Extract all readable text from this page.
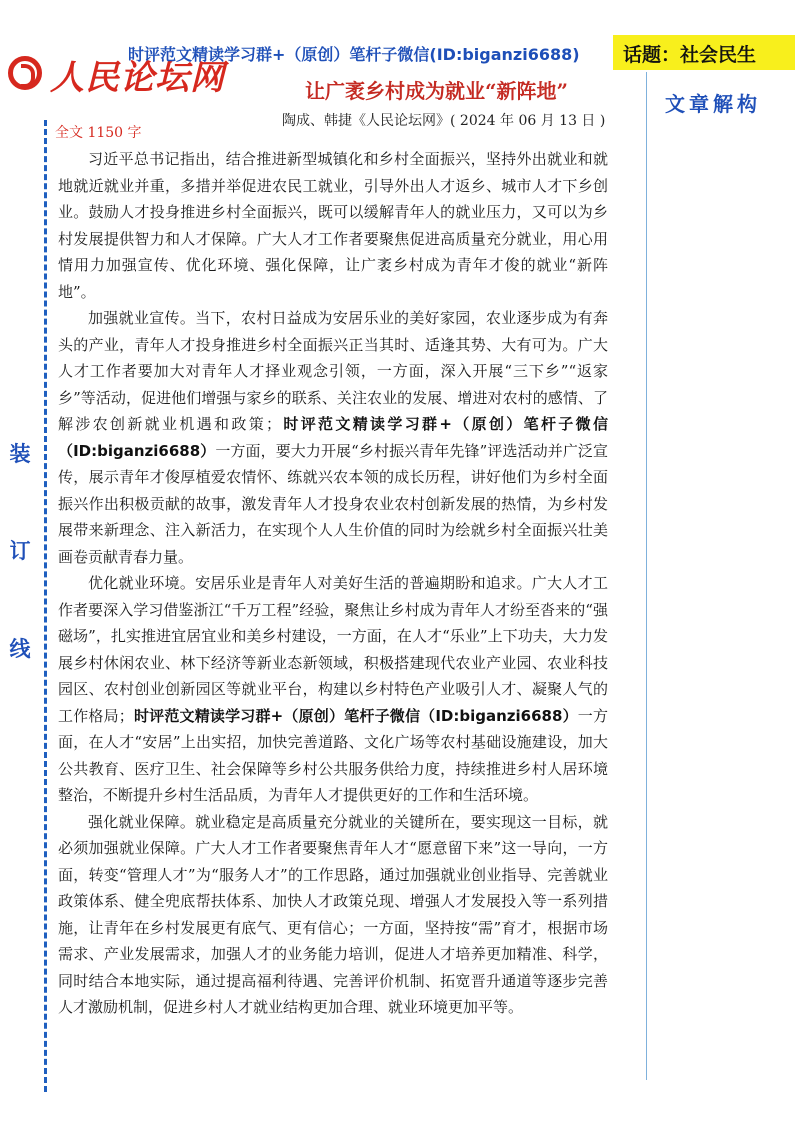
人民论坛网
时评范文精读学习群+（原创）笔杆子微信(ID:biganzi6688)	话题：社会民生
让广袤乡村成为就业“新阵地”
陶成、韩捷《人民论坛网》( 2024 年 06 月 13 日 )
文章解构
装
订
线
全文 1150 字

习近平总书记指出，结合推进新型城镇化和乡村全面振兴，坚持外出就业和就地就近就业并重，多措并举促进农民工就业，引导外出人才返乡、城市人才下乡创业。鼓励人才投身推进乡村全面振兴，既可以缓解青年人的就业压力，又可以为乡村发展提供智力和人才保障。广大人才工作者要聚焦促进高质量充分就业，用心用情用力加强宣传、优化环境、强化保障，让广袤乡村成为青年才俊的就业“新阵地”。

加强就业宣传。当下，农村日益成为安居乐业的美好家园，农业逐步成为有奔头的产业，青年人才投身推进乡村全面振兴正当其时、适逢其势、大有可为。广大人才工作者要加大对青年人才择业观念引领，一方面，深入开展“三下乡”“返家乡”等活动，促进他们增强与家乡的联系、关注农业的发展、增进对农村的感情、了解涉农创新就业机遇和政策；时评范文精读学习群+（原创）笔杆子微信（ID:biganzi6688）一方面，要大力开展“乡村振兴青年先锋”评选活动并广泛宣传，展示青年才俊厚植爱农情怀、练就兴农本领的成长历程，讲好他们为乡村全面振兴作出积极贡献的故事，激发青年人才投身农业农村创新发展的热情，为乡村发展带来新理念、注入新活力，在实现个人人生价值的同时为绘就乡村全面振兴壮美画卷贡献青春力量。

优化就业环境。安居乐业是青年人对美好生活的普遍期盼和追求。广大人才工作者要深入学习借鉴浙江“千万工程”经验，聚焦让乡村成为青年人才纷至沓来的“强磁场”，扎实推进宜居宜业和美乡村建设，一方面，在人才“乐业”上下功夫，大力发展乡村休闲农业、林下经济等新业态新领域，积极搭建现代农业产业园、农业科技园区、农村创业创新园区等就业平台，构建以乡村特色产业吸引人才、凝聚人气的工作格局；时评范文精读学习群+（原创）笔杆子微信（ID:biganzi6688）一方面，在人才“安居”上出实招，加快完善道路、文化广场等农村基础设施建设，加大公共教育、医疗卫生、社会保障等乡村公共服务供给力度，持续推进乡村人居环境整治，不断提升乡村生活品质，为青年人才提供更好的工作和生活环境。

强化就业保障。就业稳定是高质量充分就业的关键所在，要实现这一目标，就必须加强就业保障。广大人才工作者要聚焦青年人才“愿意留下来”这一导向，一方面，转变“管理人才”为“服务人才”的工作思路，通过加强就业创业指导、完善就业政策体系、健全兜底帮扶体系、加快人才政策兑现、增强人才发展投入等一系列措施，让青年在乡村发展更有底气、更有信心；一方面，坚持按“需”育才，根据市场需求、产业发展需求，加强人才的业务能力培训，促进人才培养更加精准、科学，同时结合本地实际，通过提高福利待遇、完善评价机制、拓宽晋升通道等逐步完善人才激励机制，促进乡村人才就业结构更加合理、就业环境更加平等。
